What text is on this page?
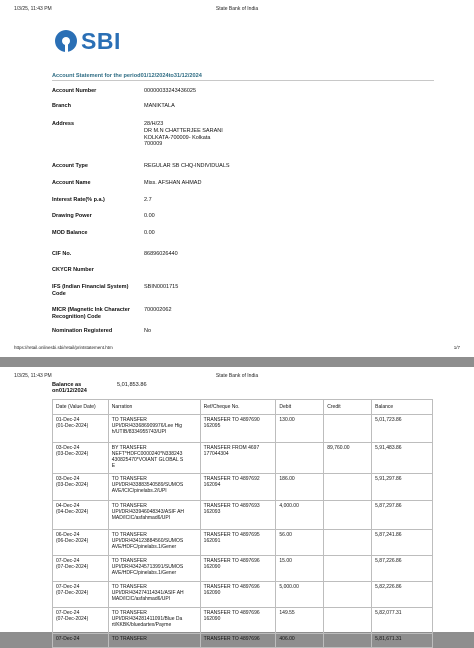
1/3/25, 11:43 PM	State Bank of India
SBI
Account Statement for the period01/12/2024to31/12/2024
Account Number	00000033243436025
Branch	MANIKTALA
Address	28/H/23
DR M.N CHATTERJEE SARANI
KOLKATA-700009- Kolkata
700009
Account Type	REGULAR SB CHQ-INDIVIDUALS
Account Name	Miss. AFSHAN AHMAD
Interest Rate(% p.a.)	2.7
Drawing Power	0.00
MOD Balance	0.00
CIF No.	86896026440
CKYCR Number
IFS (Indian Financial System) Code
SBIN0001715
MICR (Magnetic Ink Character Recognition) Code
700002062
Nomination Registered	No
https://retail.onlinesbi.sbi/retail/printstatement.htm	1/7
1/3/25, 11:43 PM	State Bank of India
Balance as on01/12/2024
5,01,853.86
Date (Value Date)	Narration	Ref/Cheque No.	Debit	Credit	Balance
01-Dec-24
(01-Dec-2024)	TO TRANSFER
UPI/DR/433686909976/Lee Hig
h/UTIB/8334955743/UPI	TRANSFER TO 4897690
162095	130.00		5,01,723.86
03-Dec-24
(03-Dec-2024)	BY TRANSFER
NEFT*HDFC0000240*N338243
430825470*VOIANT GLOBAL S
E	TRANSFER FROM 4697
177044304		89,760.00	5,91,483.86
03-Dec-24
(03-Dec-2024)	TO TRANSFER
UPI/DR/433883540589/SUMOS
AVE/ICIC/pinelabs.2/UPI	TRANSFER TO 4897692
162094	186.00		5,91,297.86
04-Dec-24
(04-Dec-2024)	TO TRANSFER
UPI/DR/433946048343/ASIF AH
MAD/ICIC/asfahmad6/UPI	TRANSFER TO 4897693
162093	4,000.00		5,87,297.86
06-Dec-24
(06-Dec-2024)	TO TRANSFER
UPI/DR/434123884560/SUMOS
AVE/HDFC/pinelabs.1/Gener	TRANSFER TO 4897695
162091	56.00		5,87,241.86
07-Dec-24
(07-Dec-2024)	TO TRANSFER
UPI/DR/434245713991/SUMOS
AVE/HDFC/pinelabs.1/Gener	TRANSFER TO 4897696
162090	15.00		5,87,226.86
07-Dec-24
(07-Dec-2024)	TO TRANSFER
UPI/DR/434274114341/ASIF AH
MAD/ICIC/asfahmad6/UPI	TRANSFER TO 4897696
162090	5,000.00		5,82,226.86
07-Dec-24
(07-Dec-2024)	TO TRANSFER
UPI/DR/434281411091/Blue Da
rt/KKBK/bluedartex/Payme	TRANSFER TO 4897696
162090	149.55		5,82,077.31
07-Dec-24	TO TRANSFER	TRANSFER TO 4897696	406.00		5,81,671.31
